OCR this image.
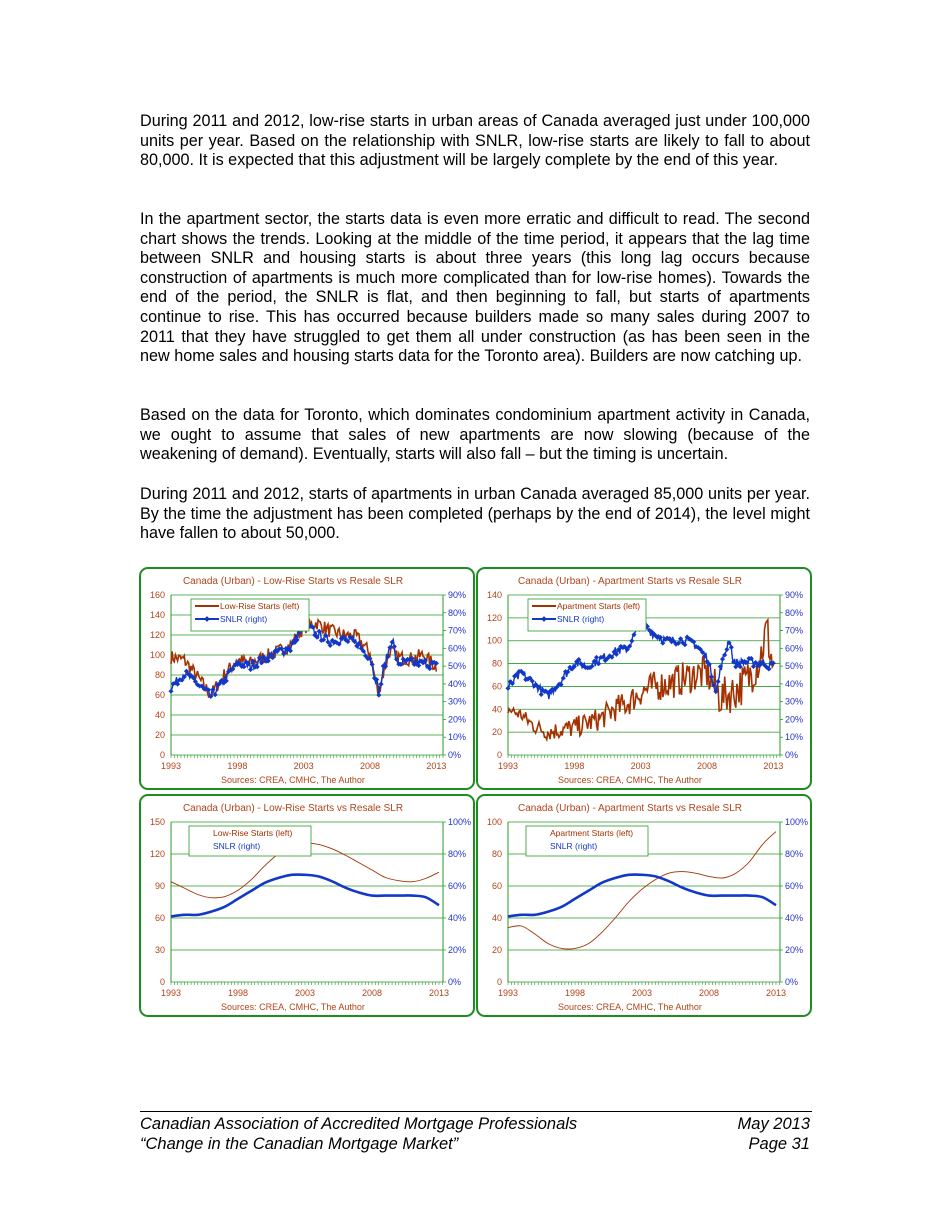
During 2011 and 2012, low-rise starts in urban areas of Canada averaged just under 100,000 units per year. Based on the relationship with SNLR, low-rise starts are likely to fall to about 80,000. It is expected that this adjustment will be largely complete by the end of this year.

In the apartment sector, the starts data is even more erratic and difficult to read. The second chart shows the trends. Looking at the middle of the time period, it appears that the lag time between SNLR and housing starts is about three years (this long lag occurs because construction of apartments is much more complicated than for low-rise homes). Towards the end of the period, the SNLR is flat, and then beginning to fall, but starts of apartments continue to rise. This has occurred because builders made so many sales during 2007 to 2011 that they have struggled to get them all under construction (as has been seen in the new home sales and housing starts data for the Toronto area). Builders are now catching up.

Based on the data for Toronto, which dominates condominium apartment activity in Canada, we ought to assume that sales of new apartments are now slowing (because of the weakening of demand). Eventually, starts will also fall – but the timing is uncertain.

During 2011 and 2012, starts of apartments in urban Canada averaged 85,000 units per year. By the time the adjustment has been completed (perhaps by the end of 2014), the level might have fallen to about 50,000.

Canada (Urban) - Low-Rise Starts vs Resale SLR
0
20
40
60
80
100
120
140
160
0%
10%
20%
30%
40%
50%
60%
70%
80%
90%
1993	1998	2003	2008	2013
Sources: CREA, CMHC, The Author
Low-Rise Starts (left)
SNLR (right)
Canada (Urban) - Apartment Starts vs Resale SLR
0
20
40
60
80
100
120
140
0%
10%
20%
30%
40%
50%
60%
70%
80%
90%
1993	1998	2003	2008	2013
Sources: CREA, CMHC, The Author
Apartment Starts (left)
SNLR (right)
Canada (Urban) - Low-Rise Starts vs Resale SLR
0
30
60
90
120
150
0%
20%
40%
60%
80%
100%
1993	1998	2003	2008	2013
Sources: CREA, CMHC, The Author
Low-Rise Starts (left)
SNLR (right)
Canada (Urban) - Apartment Starts vs Resale SLR
0
20
40
60
80
100
0%
20%
40%
60%
80%
100%
1993	1998	2003	2008	2013
Sources: CREA, CMHC, The Author
Apartment Starts (left)
SNLR (right)
Canadian Association of Accredited Mortgage Professionals
“Change in the Canadian Mortgage Market”
May 2013
Page 31
